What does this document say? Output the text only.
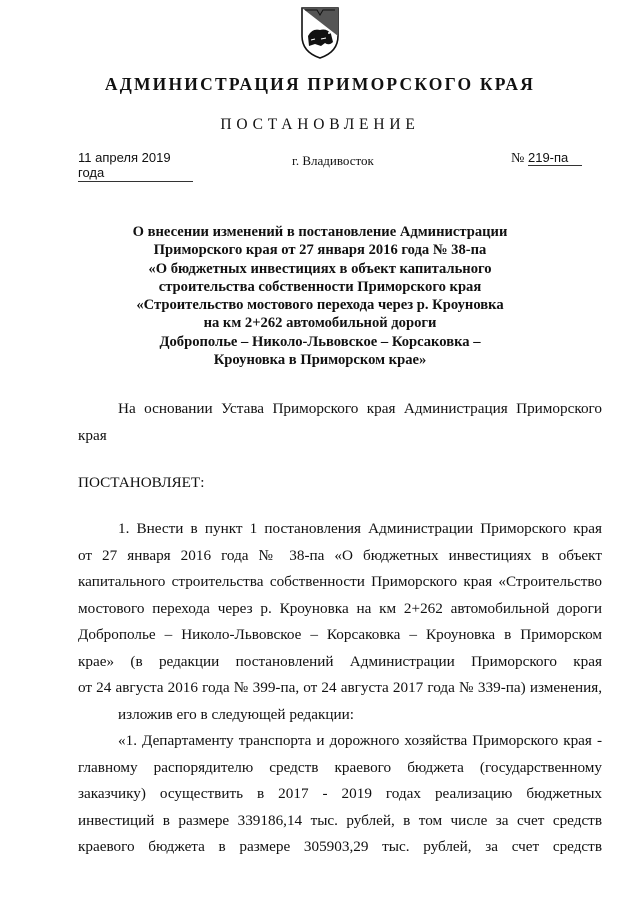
АДМИНИСТРАЦИЯ ПРИМОРСКОГО КРАЯ
ПОСТАНОВЛЕНИЕ
11 апреля 2019 года
г. Владивосток	№ 219-па
О внесении изменений в постановление Администрации
Приморского края от 27 января 2016 года № 38-па
«О бюджетных инвестициях в объект капитального
строительства собственности Приморского края
«Строительство мостового перехода через р. Кроуновка
на км 2+262 автомобильной дороги
Доброполье – Николо-Львовское – Корсаковка –
Кроуновка в Приморском крае»
На основании Устава Приморского края Администрация Приморского
края
ПОСТАНОВЛЯЕТ:
1. Внести в пункт 1 постановления Администрации Приморского края
от 27 января 2016 года № 38-па «О бюджетных инвестициях в объект
капитального строительства собственности Приморского края «Строительство
мостового перехода через р. Кроуновка на км 2+262 автомобильной дороги
Доброполье – Николо-Львовское – Корсаковка – Кроуновка в Приморском
крае» (в редакции постановлений Администрации Приморского края
от 24 августа 2016 года № 399-па, от 24 августа 2017 года № 339-па) изменения,
изложив его в следующей редакции:
«1. Департаменту транспорта и дорожного хозяйства Приморского края -
главному распорядителю средств краевого бюджета (государственному
заказчику) осуществить в 2017 - 2019 годах реализацию бюджетных
инвестиций в размере 339186,14 тыс. рублей, в том числе за счет средств
краевого бюджета в размере 305903,29 тыс. рублей, за счет средств
